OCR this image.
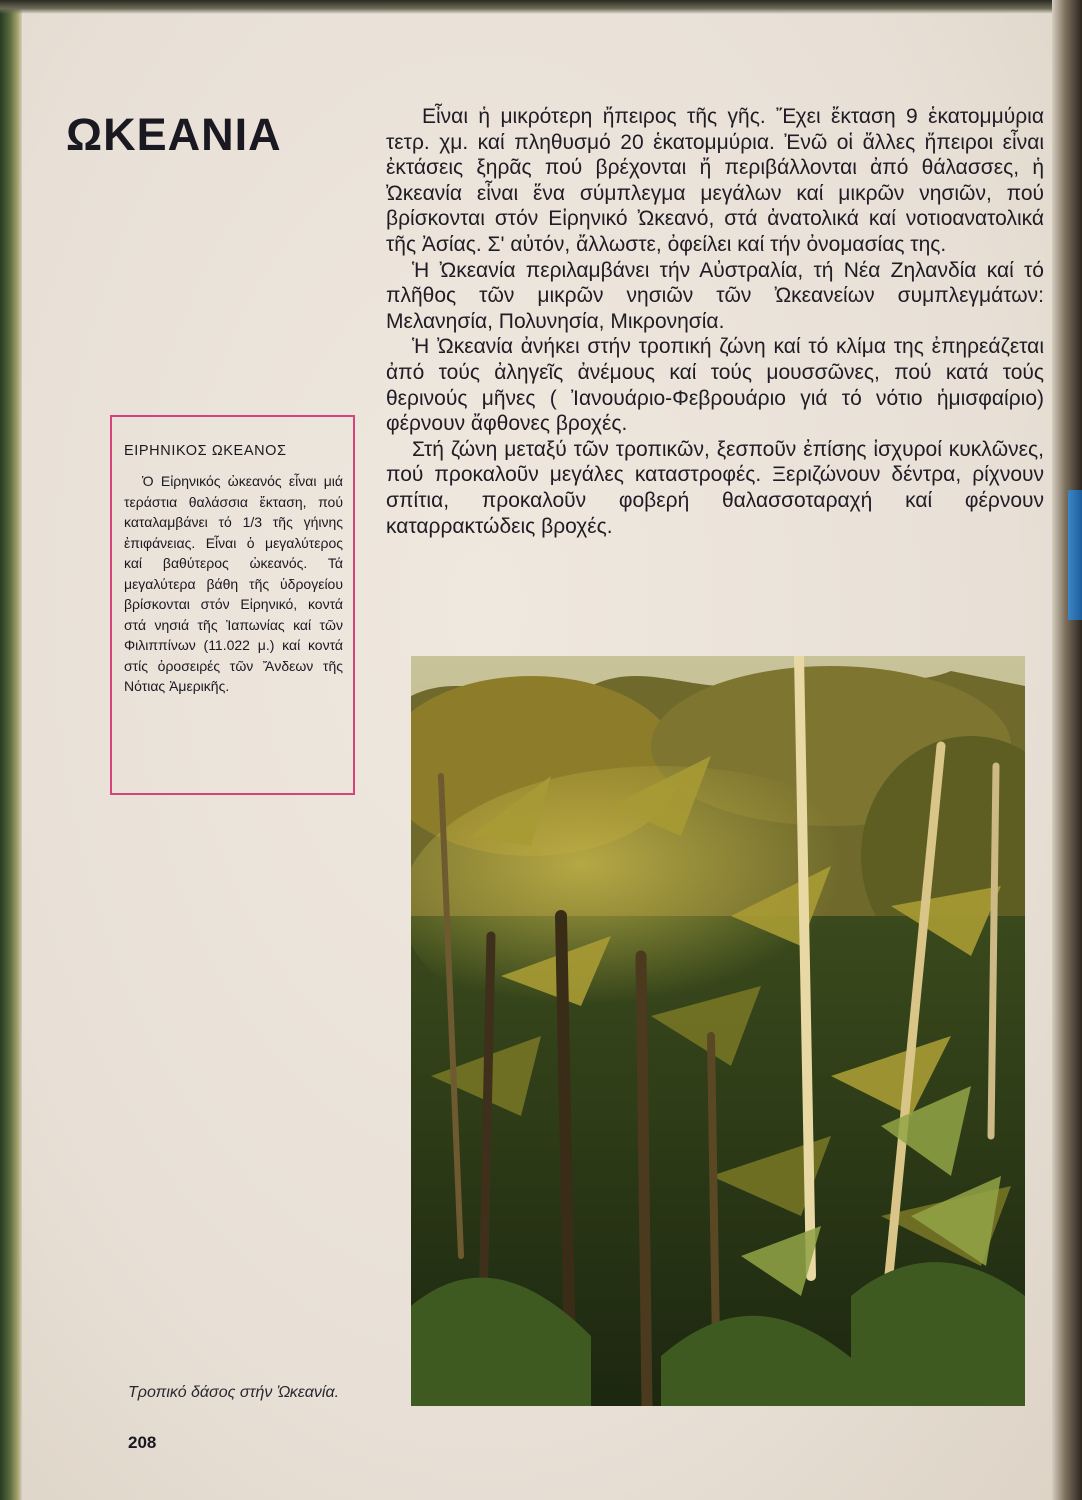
ΩΚΕΑΝΙΑ	Εἶναι ἡ μικρότερη ἤπειρος τῆς γῆς. Ἔχει ἔκταση 9 ἑκατομμύρια τετρ. χμ. καί πληθυσμό 20 ἑκατομμύρια. Ἐνῶ οἱ ἄλλες ἤπειροι εἶναι ἐκτάσεις ξηρᾶς πού βρέχονται ἤ περιβάλλονται ἀπό θάλασσες, ἡ Ὠκεανία εἶναι ἕνα σύμπλεγμα μεγάλων καί μικρῶν νησιῶν, πού βρίσκονται στόν Εἰρηνικό Ὠκεανό, στά ἀνατολικά καί νοτιοανατολικά τῆς Ἀσίας. Σ' αὐτόν, ἄλλωστε, ὀφείλει καί τήν ὀνομασίας της.

Ἡ Ὠκεανία περιλαμβάνει τήν Αὐστραλία, τή Νέα Ζηλανδία καί τό πλῆθος τῶν μικρῶν νησιῶν τῶν Ὠκεανείων συμπλεγμάτων: Μελανησία, Πολυνησία, Μικρονησία.

Ἡ Ὠκεανία ἀνήκει στήν τροπική ζώνη καί τό κλίμα της ἐπηρεάζεται ἀπό τούς ἀληγεῖς ἀνέμους καί τούς μουσσῶνες, πού κατά τούς θερινούς μῆνες ( Ἰανουάριο-Φεβρουάριο γιά τό νότιο ἡμισφαίριο) φέρνουν ἄφθονες βροχές.

Στή ζώνη μεταξύ τῶν τροπικῶν, ξεσποῦν ἐπίσης ἰσχυροί κυκλῶνες, πού προκαλοῦν μεγάλες καταστροφές. Ξεριζώνουν δέντρα, ρίχνουν σπίτια, προκαλοῦν φοβερή θαλασσοταραχή καί φέρνουν καταρρακτώδεις βροχές.

ΕΙΡΗΝΙΚΟΣ ΩΚΕΑΝΟΣ

Ὁ Εἰρηνικός ὠκεανός εἶναι μιά τεράστια θαλάσσια ἔκταση, πού καταλαμβάνει τό 1/3 τῆς γήινης ἐπιφάνειας. Εἶναι ὁ μεγαλύτερος καί βαθύτερος ὠκεανός. Τά μεγαλύτερα βάθη τῆς ὑδρογείου βρίσκονται στόν Εἰρηνικό, κοντά στά νησιά τῆς Ἰαπωνίας καί τῶν Φιλιππίνων (11.022 μ.) καί κοντά στίς ὀροσειρές τῶν Ἄνδεων τῆς Νότιας Ἀμερικῆς.

Τροπικό δάσος στήν Ὠκεανία.
208
